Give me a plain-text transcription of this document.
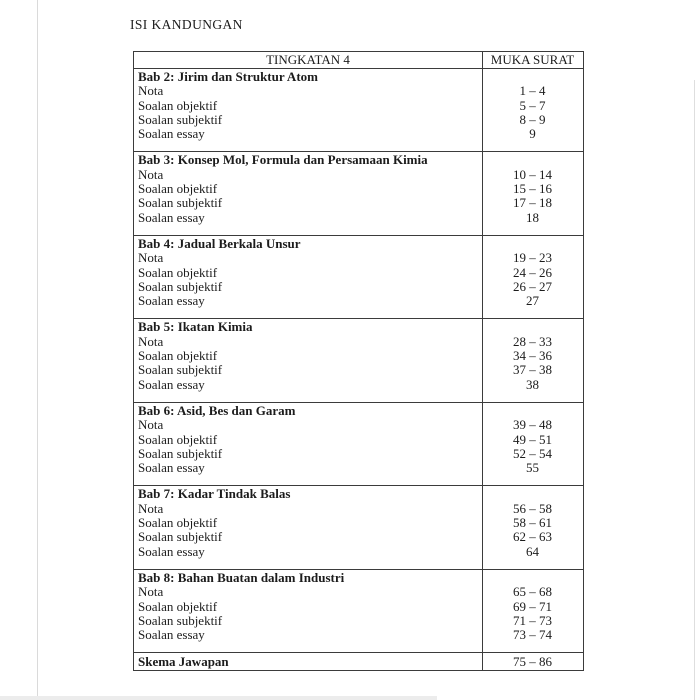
ISI KANDUNGAN
TINGKATAN 4	MUKA SURAT
Bab 2: Jirim dan Struktur Atom
Nota	1 – 4
Soalan objektif	5 – 7
Soalan subjektif	8 – 9
Soalan essay	9
Bab 3: Konsep Mol, Formula dan Persamaan Kimia
Nota	10 – 14
Soalan objektif	15 – 16
Soalan subjektif	17 – 18
Soalan essay	18
Bab 4: Jadual Berkala Unsur
Nota	19 – 23
Soalan objektif	24 – 26
Soalan subjektif	26 – 27
Soalan essay	27
Bab 5: Ikatan Kimia
Nota	28 – 33
Soalan objektif	34 – 36
Soalan subjektif	37 – 38
Soalan essay	38
Bab 6: Asid, Bes dan Garam
Nota	39 – 48
Soalan objektif	49 – 51
Soalan subjektif	52 – 54
Soalan essay	55
Bab 7: Kadar Tindak Balas
Nota	56 – 58
Soalan objektif	58 – 61
Soalan subjektif	62 – 63
Soalan essay	64
Bab 8: Bahan Buatan dalam Industri
Nota	65 – 68
Soalan objektif	69 – 71
Soalan subjektif	71 – 73
Soalan essay	73 – 74
Skema Jawapan	75 – 86
